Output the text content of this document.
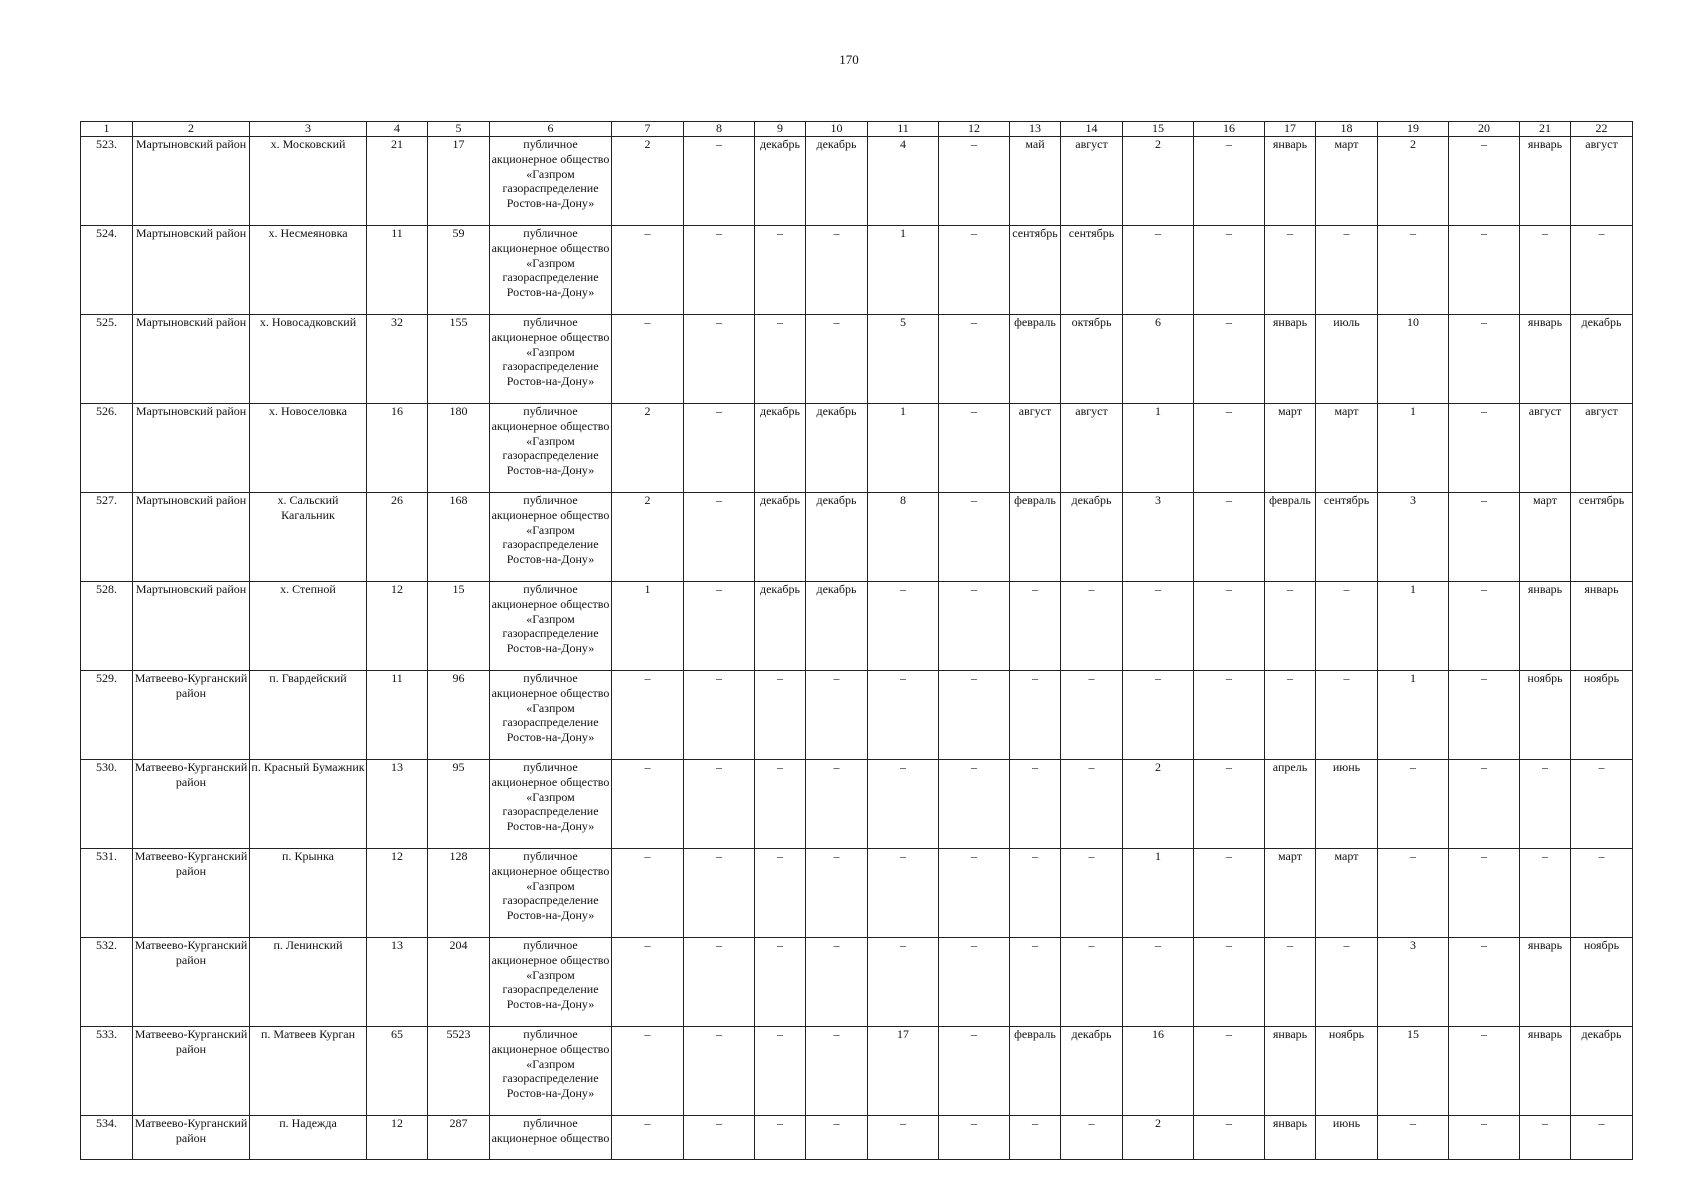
170
1	2	3	4	5	6	7	8	9	10	11	12	13	14	15	16	17	18	19	20	21	22
523.	Мартыновский район	х. Московский	21	17	публичное акционерное общество «Газпром газораспределение Ростов-на-Дону»	2	–	декабрь	декабрь	4	–	май	август	2	–	январь	март	2	–	январь	август
524.	Мартыновский район	х. Несмеяновка	11	59	публичное акционерное общество «Газпром газораспределение Ростов-на-Дону»	–	–	–	–	1	–	сентябрь	сентябрь	–	–	–	–	–	–	–	–
525.	Мартыновский район	х. Новосадковский	32	155	публичное акционерное общество «Газпром газораспределение Ростов-на-Дону»	–	–	–	–	5	–	февраль	октябрь	6	–	январь	июль	10	–	январь	декабрь
526.	Мартыновский район	х. Новоселовка	16	180	публичное акционерное общество «Газпром газораспределение Ростов-на-Дону»	2	–	декабрь	декабрь	1	–	август	август	1	–	март	март	1	–	август	август
527.	Мартыновский район	х. Сальский Кагальник	26	168	публичное акционерное общество «Газпром газораспределение Ростов-на-Дону»	2	–	декабрь	декабрь	8	–	февраль	декабрь	3	–	февраль	сентябрь	3	–	март	сентябрь
528.	Мартыновский район	х. Степной	12	15	публичное акционерное общество «Газпром газораспределение Ростов-на-Дону»	1	–	декабрь	декабрь	–	–	–	–	–	–	–	–	1	–	январь	январь
529.	Матвеево-Курганский район	п. Гвардейский	11	96	публичное акционерное общество «Газпром газораспределение Ростов-на-Дону»	–	–	–	–	–	–	–	–	–	–	–	–	1	–	ноябрь	ноябрь
530.	Матвеево-Курганский район	п. Красный Бумажник	13	95	публичное акционерное общество «Газпром газораспределение Ростов-на-Дону»	–	–	–	–	–	–	–	–	2	–	апрель	июнь	–	–	–	–
531.	Матвеево-Курганский район	п. Крынка	12	128	публичное акционерное общество «Газпром газораспределение Ростов-на-Дону»	–	–	–	–	–	–	–	–	1	–	март	март	–	–	–	–
532.	Матвеево-Курганский район	п. Ленинский	13	204	публичное акционерное общество «Газпром газораспределение Ростов-на-Дону»	–	–	–	–	–	–	–	–	–	–	–	–	3	–	январь	ноябрь
533.	Матвеево-Курганский район	п. Матвеев Курган	65	5523	публичное акционерное общество «Газпром газораспределение Ростов-на-Дону»	–	–	–	–	17	–	февраль	декабрь	16	–	январь	ноябрь	15	–	январь	декабрь
534.	Матвеево-Курганский район	п. Надежда	12	287	публичное акционерное общество	–	–	–	–	–	–	–	–	2	–	январь	июнь	–	–	–	–
